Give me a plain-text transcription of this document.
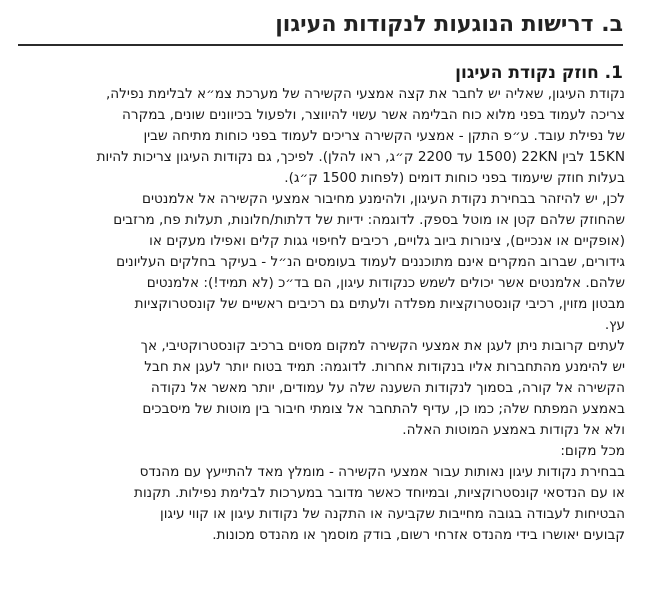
ב. דרישות הנוגעות לנקודות העיגון
1. חוזק נקודת העיגון
נקודת העיגון, שאליה יש לחבר את קצה אמצעי הקשירה של מערכת צמ״א לבלימת נפילה,
צריכה לעמוד בפני מלוא כוח הבלימה אשר עשוי להיווצר, ולפעול בכיוונים שונים, במקרה
של נפילת עובד. ע״פ התקן - אמצעי הקשירה צריכים לעמוד בפני כוחות מתיחה שבין
15KN לבין 22KN (1500 עד 2200 ק״ג, ראו להלן). לפיכך, גם נקודות העיגון צריכות להיות
בעלות חוזק שיעמוד בפני כוחות דומים (לפחות 1500 ק״ג).
לכן, יש להיזהר בבחירת נקודת העיגון, ולהימנע מחיבור אמצעי הקשירה אל אלמנטים
שהחוזק שלהם קטן או מוטל בספק. לדוגמה: ידיות של דלתות/חלונות, תעלות פח, מרזבים
(אופקיים או אנכיים), צינורות ביוב גלויים, רכיבים לחיפוי גגות קלים ואפילו מעקים או
גידורים, שברוב המקרים אינם מתוכננים לעמוד בעומסים הנ״ל - בעיקר בחלקים העליונים
שלהם. אלמנטים אשר יכולים לשמש כנקודות עיגון, הם בד״כ (לא תמיד!): אלמנטים
מבטון מזוין, רכיבי קונסטרוקציות מפלדה ולעתים גם רכיבים ראשיים של קונסטרוקציות
עץ.
לעתים קרובות ניתן לעגן את אמצעי הקשירה למקום מסוים ברכיב קונסטרוקטיבי, אך
יש להימנע מהתחברות אליו בנקודות אחרות. לדוגמה: תמיד בטוח יותר לעגן את חבל
הקשירה אל קורה, בסמוך לנקודות השענה שלה על עמודים, יותר מאשר אל נקודה
באמצע המפתח שלה; כמו כן, עדיף להתחבר אל צומתי חיבור בין מוטות של מיסבכים
ולא אל נקודות באמצע המוטות האלה.
מכל מקום:
בבחירת נקודות עיגון נאותות עבור אמצעי הקשירה - מומלץ מאד להתייעץ עם מהנדס
או עם הנדסאי קונסטרוקציות, ובמיוחד כאשר מדובר במערכות לבלימת נפילות. תקנות
הבטיחות לעבודה בגובה מחייבות שקביעה או התקנה של נקודות עיגון או קווי עיגון
קבועים יאושרו בידי מהנדס אזרחי רשום, בודק מוסמך או מהנדס מכונות.
